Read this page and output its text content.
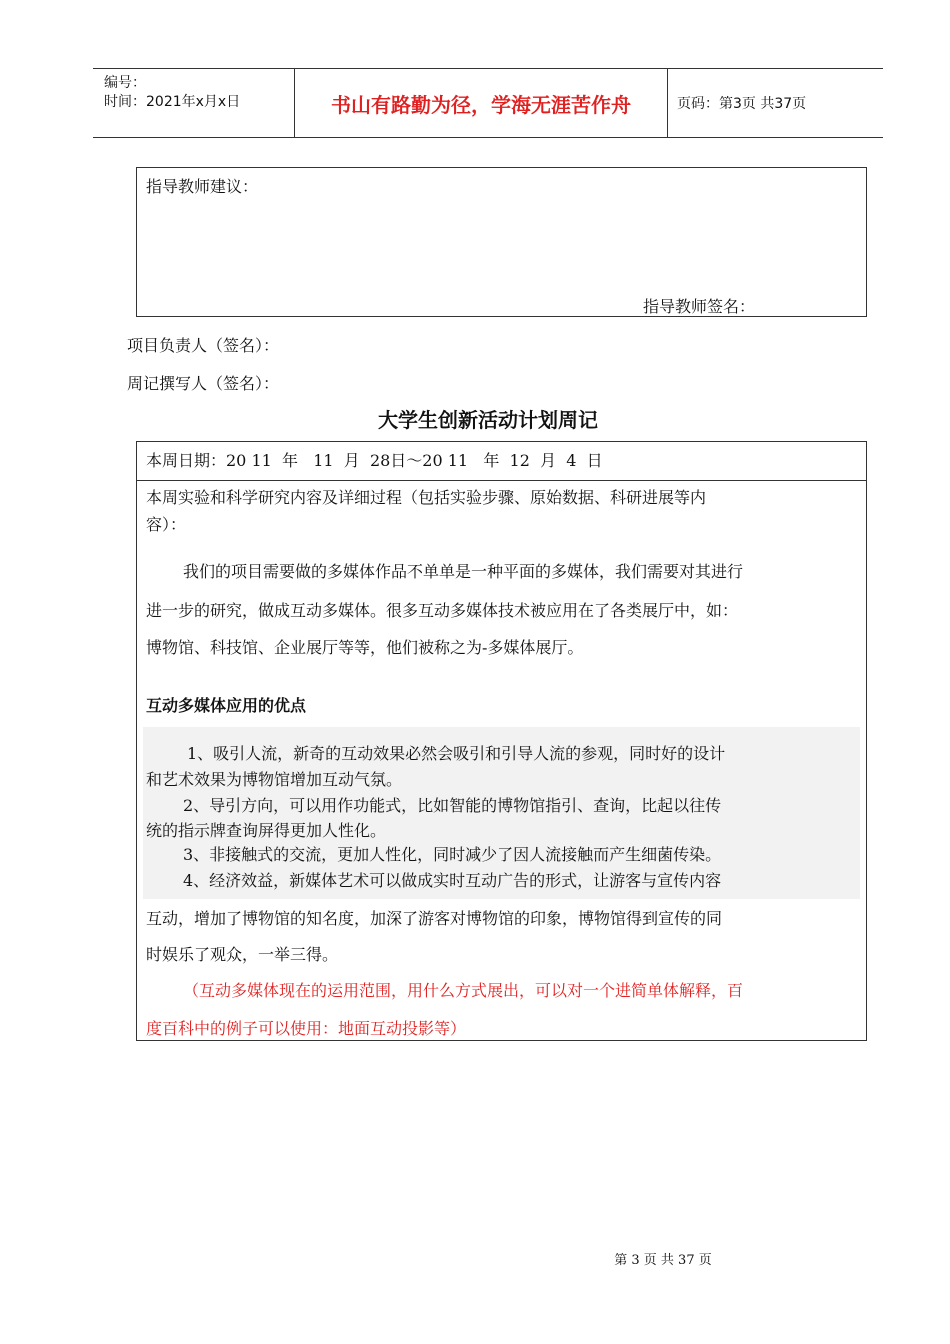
编号：
时间：2021年x月x日	书山有路勤为径，学海无涯苦作舟	页码：第3页 共37页
指导教师建议：
指导教师签名：
项目负责人（签名）：
周记撰写人（签名）：
大学生创新活动计划周记
本周日期：20 11  年   11  月  28日～20 11   年  12  月  4  日
本周实验和科学研究内容及详细过程（包括实验步骤、原始数据、科研进展等内
容）：
我们的项目需要做的多媒体作品不单单是一种平面的多媒体，我们需要对其进行
进一步的研究，做成互动多媒体。很多互动多媒体技术被应用在了各类展厅中，如：
博物馆、科技馆、企业展厅等等，他们被称之为-多媒体展厅。
互动多媒体应用的优点
1、吸引人流，新奇的互动效果必然会吸引和引导人流的参观，同时好的设计
和艺术效果为博物馆增加互动气氛。
2、导引方向，可以用作功能式，比如智能的博物馆指引、查询，比起以往传
统的指示牌查询屏得更加人性化。
3、非接触式的交流，更加人性化，同时减少了因人流接触而产生细菌传染。
4、经济效益，新媒体艺术可以做成实时互动广告的形式，让游客与宣传内容
互动，增加了博物馆的知名度，加深了游客对博物馆的印象，博物馆得到宣传的同
时娱乐了观众，一举三得。
（互动多媒体现在的运用范围，用什么方式展出，可以对一个进简单体解释，百
度百科中的例子可以使用：地面互动投影等）
第 3 页 共 37 页
